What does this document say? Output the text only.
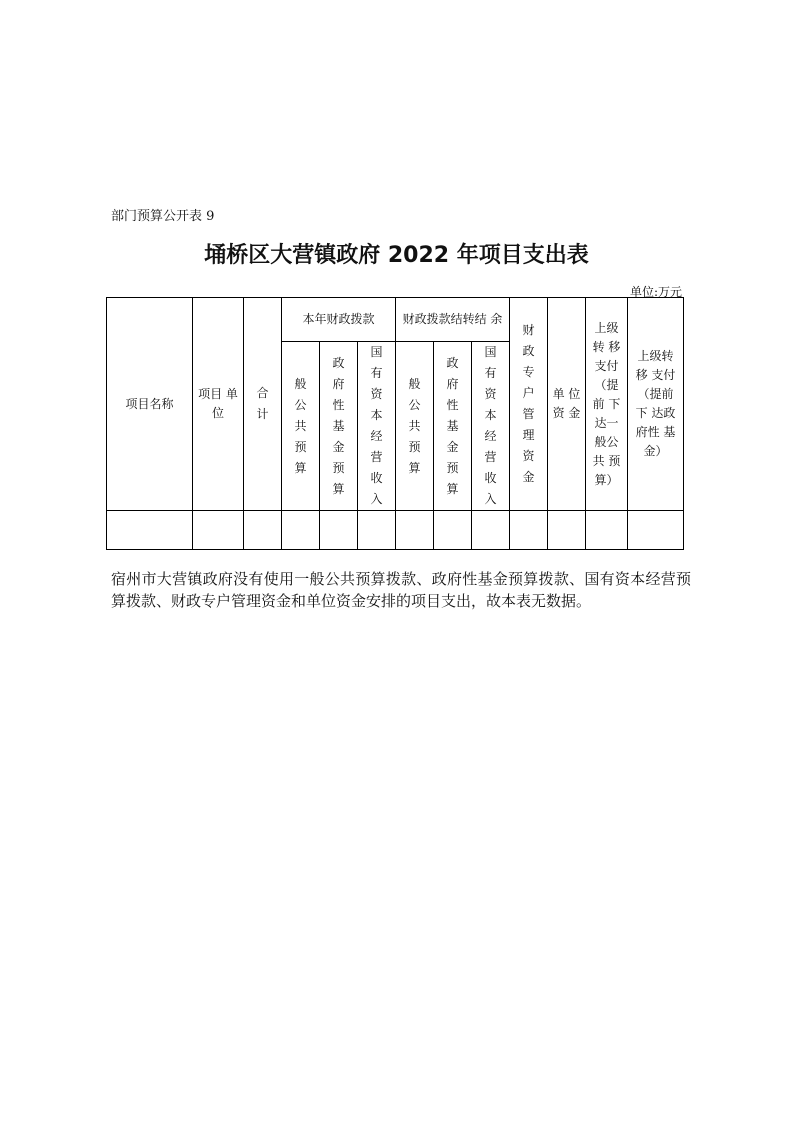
部门预算公开表 9
埇桥区大营镇政府 2022 年项目支出表
单位:万元
项目名称	项目 单 位	合 计	本年财政拨款			财政拨款结转结 余			财政专户管理资金	单 位 资 金	上级 转 移 支付（提 前 下 达一 般公 共 预 算）	上级转 移 支付（提前 下 达政 府性 基 金）

			般公共预算	政府性基金预算	国有资本经营收入	般公共预算	政府性基金预算	国有资本经营收入				

宿州市大营镇政府没有使用一般公共预算拨款、政府性基金预算拨款、国有资本经营预算拨款、财政专户管理资金和单位资金安排的项目支出，故本表无数据。
